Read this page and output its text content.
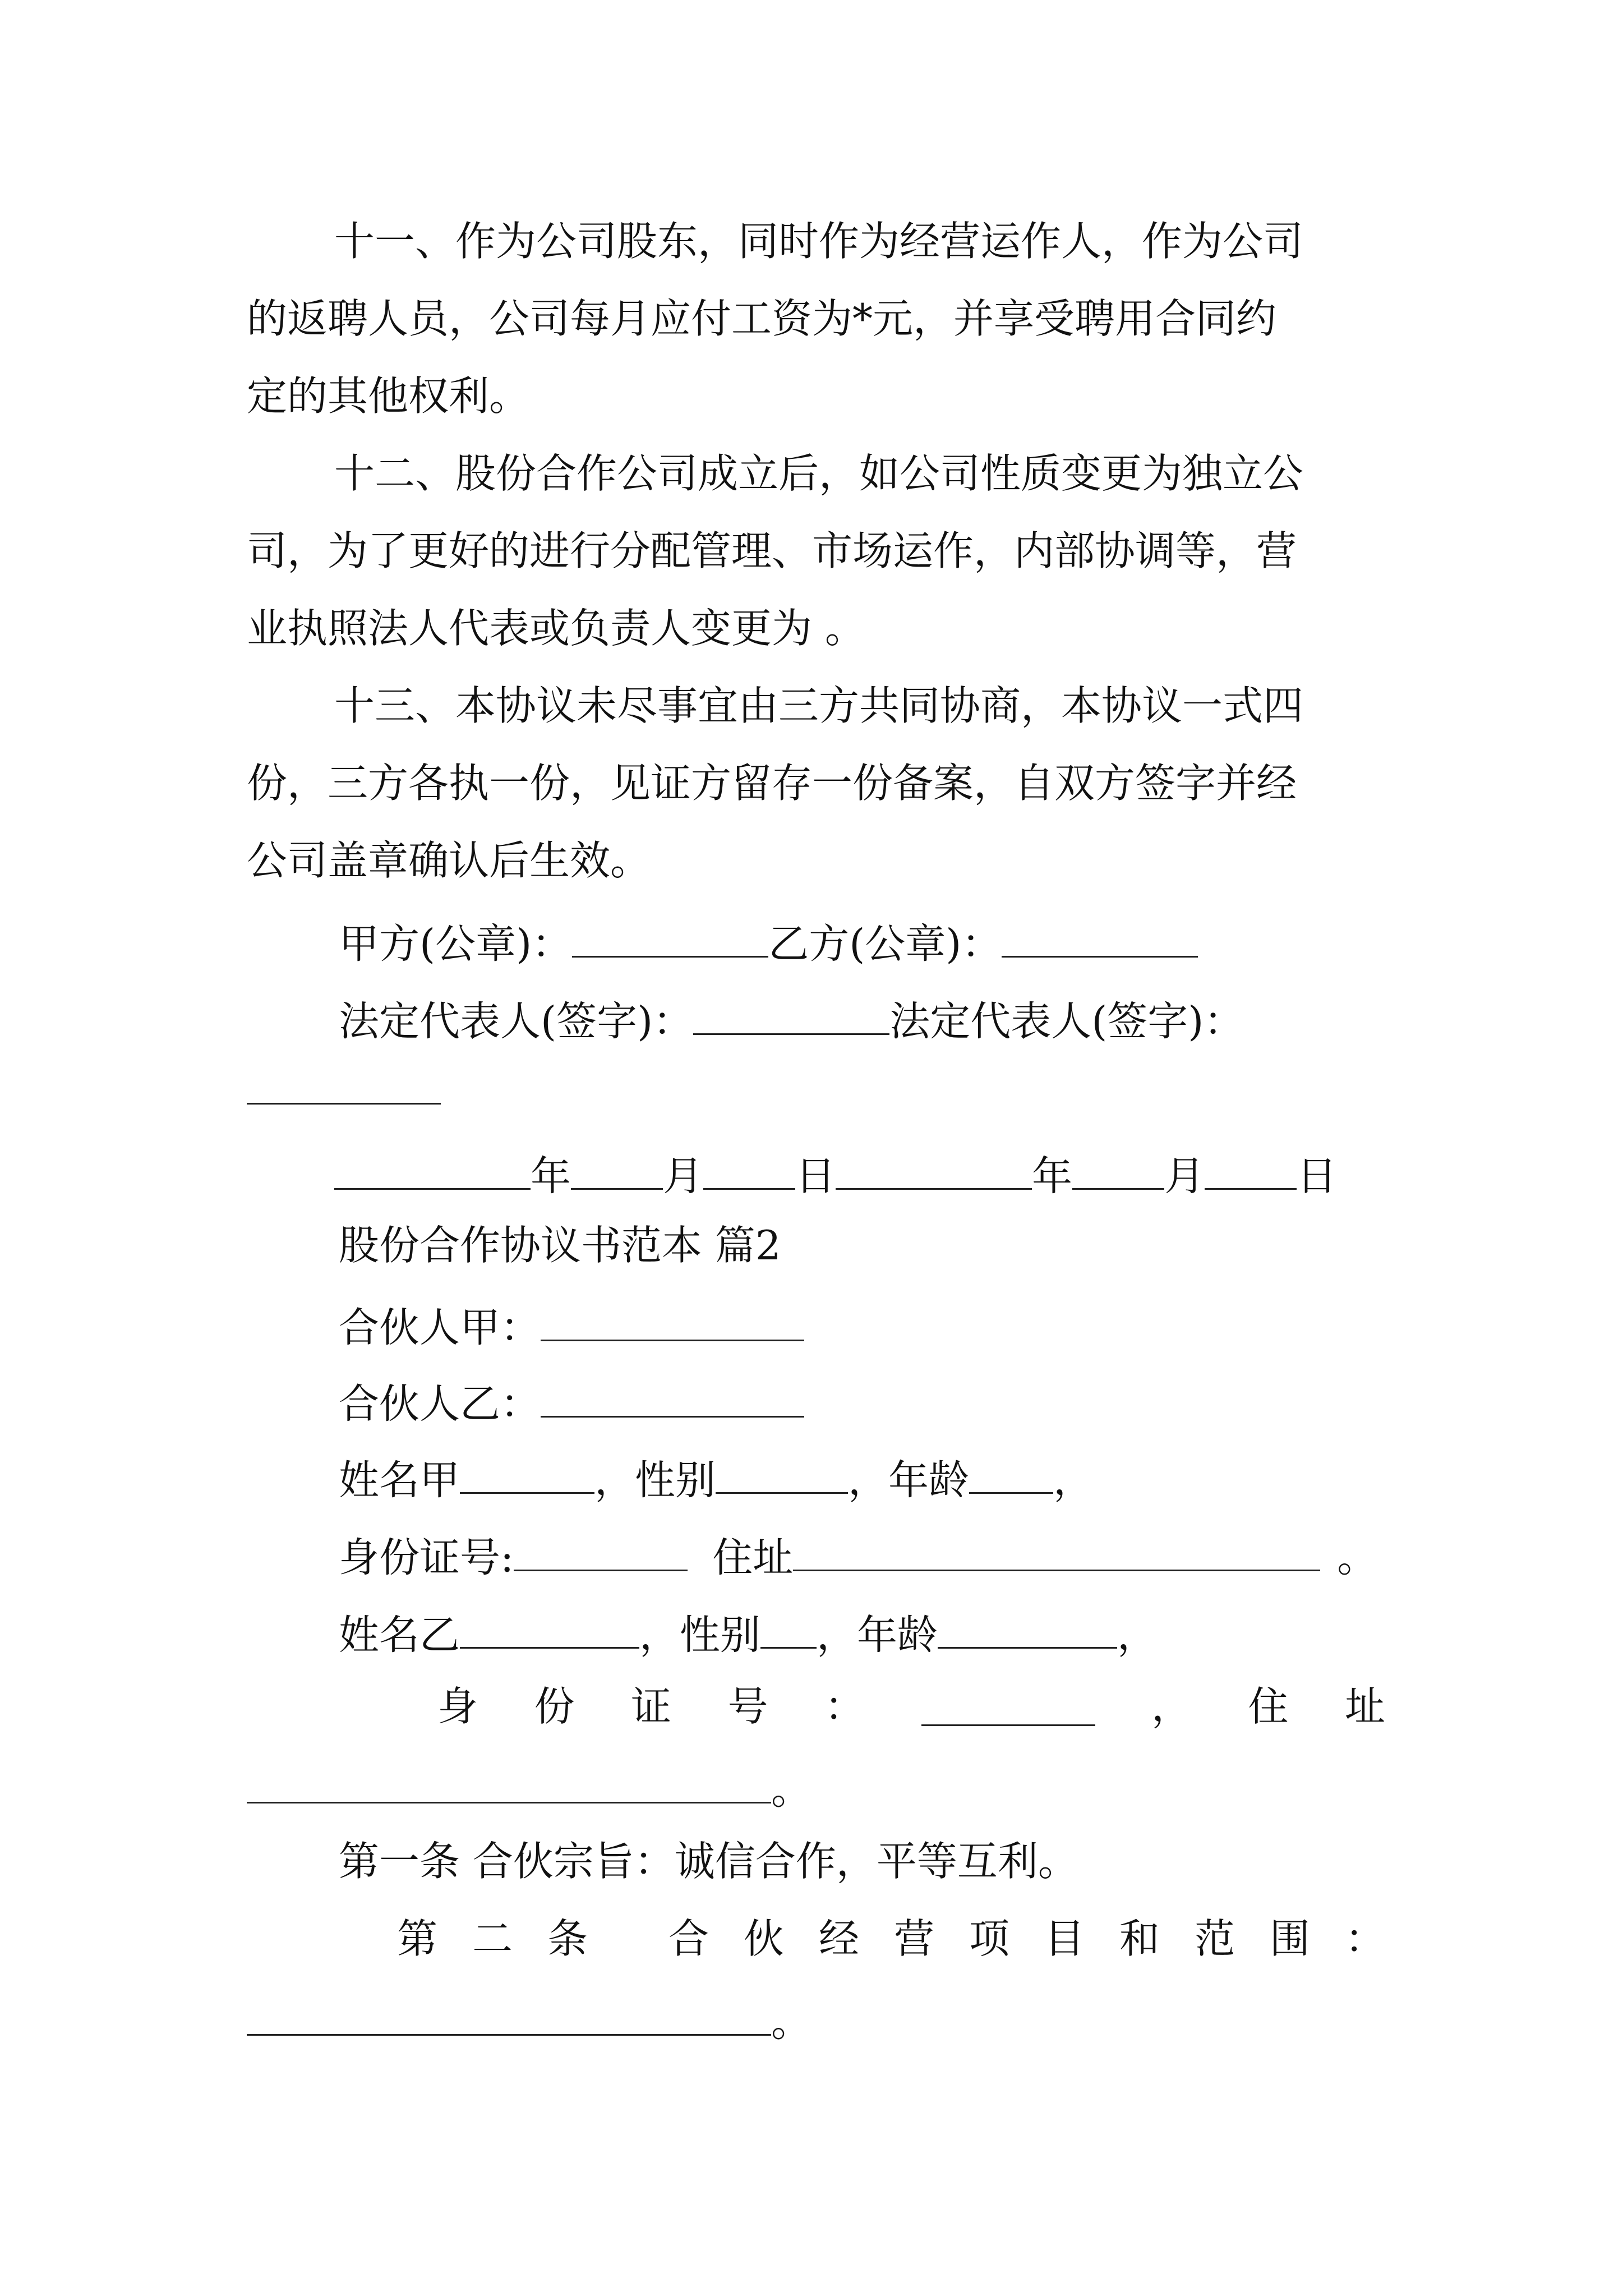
十一、作为公司股东，同时作为经营运作人，作为公司

的返聘人员，公司每月应付工资为*元，并享受聘用合同约

定的其他权利。

十二、股份合作公司成立后，如公司性质变更为独立公

司，为了更好的进行分配管理、市场运作，内部协调等，营

业执照法人代表或负责人变更为 。

十三、本协议未尽事宜由三方共同协商，本协议一式四

份，三方各执一份，见证方留存一份备案，自双方签字并经

公司盖章确认后生效。

甲方(公章)：	乙方(公章)：
法定代表人(签字)：	法定代表人(签字)：
年 月 日	年 月 日

股份合作协议书范本 篇2

合伙人甲：
合伙人乙：
姓名甲	，性别	，年龄 ，
身份证号:	住址	。
姓名乙	，性别 ，年龄	，
身 份 证 号 ：	， 住 址
。

第一条 合伙宗旨：诚信合作，平等互利。

第 二 条 合 伙 经 营 项 目 和 范 围 ：
。
